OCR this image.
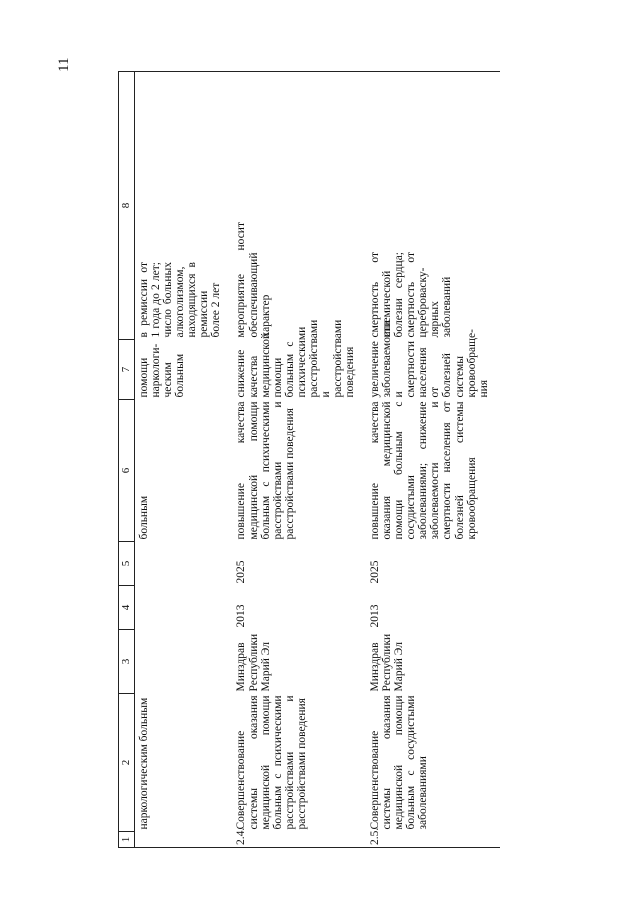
11
1	2	3	4	5	6	7	8
	наркологическим больным				больным	помощи наркологи-ческим больным	в ремиссии от 1 года до 2 лет; число больных алкоголизмом, находящихся в ремиссии более 2 лет
2.4.	Совершенствование системы оказания медицинской помощи больным с психическими расстройствами и расстройствами поведения	Минздрав Республики Марий Эл	2013	2025	повышение качества медицинской помощи больным с психическими расстройствами и расстройствами поведения	снижение качества медицинской помощи больным с психическими расстройствами и расстройствами поведения	мероприятие носит обеспечивающий характер
2.5.	Совершенствование системы оказания медицинской помощи больным с сосудистыми заболеваниями	Минздрав Республики Марий Эл	2013	2025	повышение качества оказания медицинской помощи больным с сосудистыми заболеваниями; снижение заболеваемости и смертности населения от болезней системы кровообращения	увеличение заболеваемости и смертности населения от болезней системы кровообраще-ния	смертность от ишемической болезни сердца; смертность от цереброваску-лярных заболеваний
